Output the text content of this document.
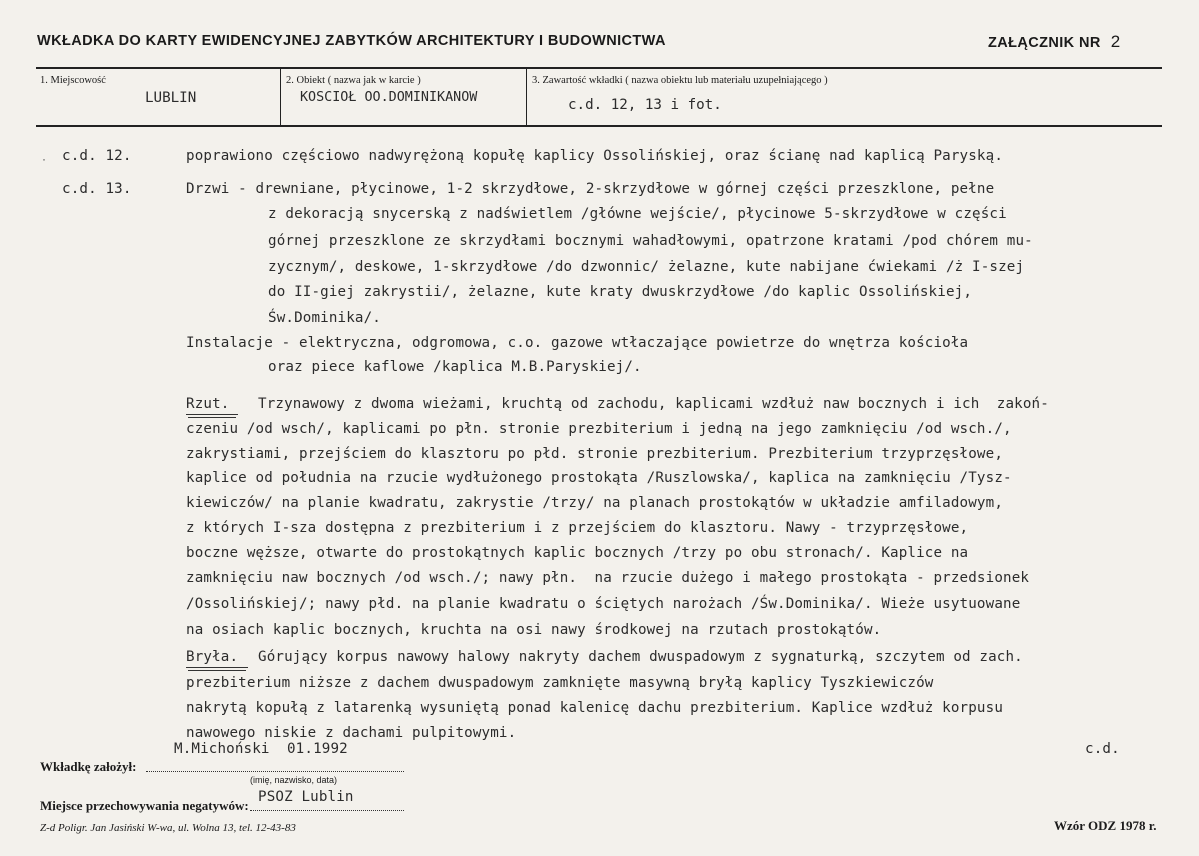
WKŁADKA DO KARTY EWIDENCYJNEJ ZABYTKÓW ARCHITEKTURY I BUDOWNICTWA	ZAŁĄCZNIK NR 2
1. Miejscowość
LUBLIN
2. Obiekt ( nazwa jak w karcie )
KOSCIOŁ OO.DOMINIKANOW
3. Zawartość wkładki ( nazwa obiektu lub materiału uzupełniającego )
c.d. 12, 13 i fot.
· c.d. 12.	poprawiono częściowo nadwyrężoną kopułę kaplicy Ossolińskiej, oraz ścianę nad kaplicą Paryską.
c.d. 13.	Drzwi - drewniane, płycinowe, 1-2 skrzydłowe, 2-skrzydłowe w górnej części przeszklone, pełne
z dekoracją snycerską z nadświetlem /główne wejście/, płycinowe 5-skrzydłowe w części
górnej przeszklone ze skrzydłami bocznymi wahadłowymi, opatrzone kratami /pod chórem mu-
zycznym/, deskowe, 1-skrzydłowe /do dzwonnic/ żelazne, kute nabijane ćwiekami /ż I-szej
do II-giej zakrystii/, żelazne, kute kraty dwuskrzydłowe /do kaplic Ossolińskiej,
Św.Dominika/.
Instalacje - elektryczna, odgromowa, c.o. gazowe wtłaczające powietrze do wnętrza kościoła
oraz piece kaflowe /kaplica M.B.Paryskiej/.
Rzut. Trzynawowy z dwoma wieżami, kruchtą od zachodu, kaplicami wzdłuż naw bocznych i ich  zakoń-
czeniu /od wsch/, kaplicami po płn. stronie prezbiterium i jedną na jego zamknięciu /od wsch./,
zakrystiami, przejściem do klasztoru po płd. stronie prezbiterium. Prezbiterium trzyprzęsłowe,
kaplice od południa na rzucie wydłużonego prostokąta /Ruszlowska/, kaplica na zamknięciu /Tysz-
kiewiczów/ na planie kwadratu, zakrystie /trzy/ na planach prostokątów w układzie amfiladowym,
z których I-sza dostępna z prezbiterium i z przejściem do klasztoru. Nawy - trzyprzęsłowe,
boczne węższe, otwarte do prostokątnych kaplic bocznych /trzy po obu stronach/. Kaplice na
zamknięciu naw bocznych /od wsch./; nawy płn.  na rzucie dużego i małego prostokąta - przedsionek
/Ossolińskiej/; nawy płd. na planie kwadratu o ściętych narożach /Św.Dominika/. Wieże usytuowane
na osiach kaplic bocznych, kruchta na osi nawy środkowej na rzutach prostokątów.
Bryła. Górujący korpus nawowy halowy nakryty dachem dwuspadowym z sygnaturką, szczytem od zach.
prezbiterium niższe z dachem dwuspadowym zamknięte masywną bryłą kaplicy Tyszkiewiczów
nakrytą kopułą z latarenką wysuniętą ponad kalenicę dachu prezbiterium. Kaplice wzdłuż korpusu
nawowego niskie z dachami pulpitowymi.
c.d.
M.Michoński  01.1992
Wkładkę założył:
(imię, nazwisko, data)
PSOZ Lublin
Miejsce przechowywania negatywów:
Z-d Poligr. Jan Jasiński W-wa, ul. Wolna 13, tel. 12-43-83	Wzór ODZ 1978 r.
